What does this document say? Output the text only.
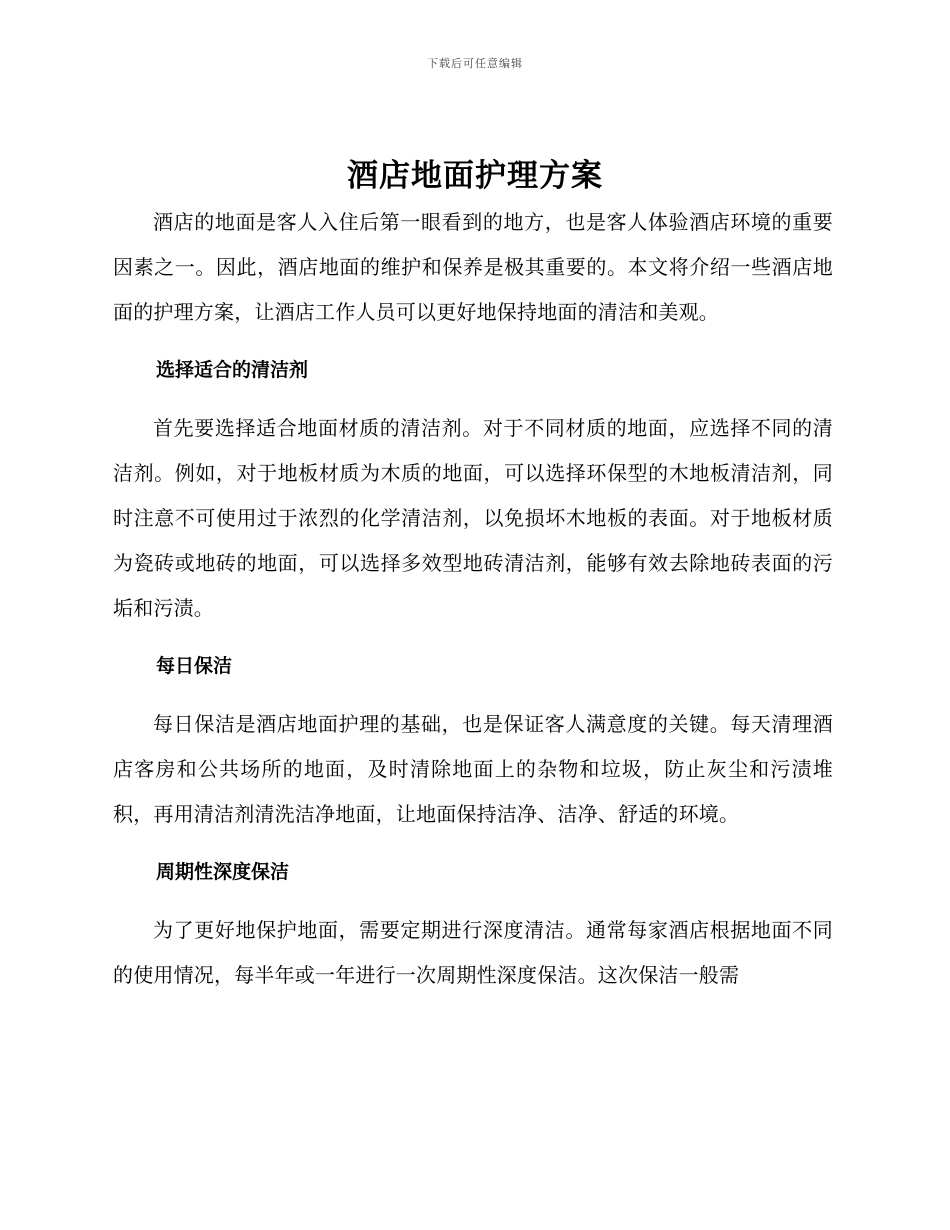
下载后可任意编辑
酒店地面护理方案

酒店的地面是客人入住后第一眼看到的地方，也是客人体验酒店环境的重要因素之一。因此，酒店地面的维护和保养是极其重要的。本文将介绍一些酒店地面的护理方案，让酒店工作人员可以更好地保持地面的清洁和美观。

选择适合的清洁剂

首先要选择适合地面材质的清洁剂。对于不同材质的地面，应选择不同的清洁剂。例如，对于地板材质为木质的地面，可以选择环保型的木地板清洁剂，同时注意不可使用过于浓烈的化学清洁剂，以免损坏木地板的表面。对于地板材质为瓷砖或地砖的地面，可以选择多效型地砖清洁剂，能够有效去除地砖表面的污垢和污渍。

每日保洁

每日保洁是酒店地面护理的基础，也是保证客人满意度的关键。每天清理酒店客房和公共场所的地面，及时清除地面上的杂物和垃圾，防止灰尘和污渍堆积，再用清洁剂清洗洁净地面，让地面保持洁净、洁净、舒适的环境。

周期性深度保洁

为了更好地保护地面，需要定期进行深度清洁。通常每家酒店根据地面不同的使用情况，每半年或一年进行一次周期性深度保洁。这次保洁一般需
